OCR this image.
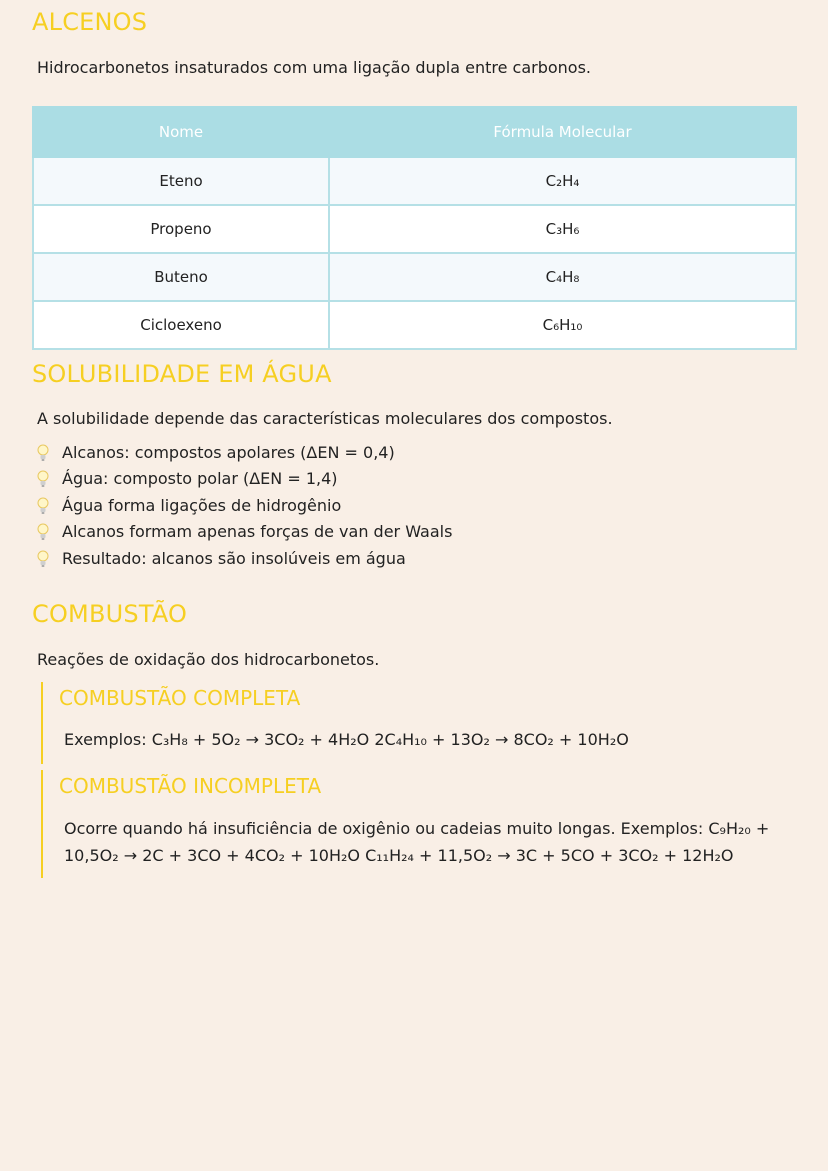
ALCENOS

Hidrocarbonetos insaturados com uma ligação dupla entre carbonos.

Nome	Fórmula Molecular
Eteno	C₂H₄
Propeno	C₃H₆
Buteno	C₄H₈
Cicloexeno	C₆H₁₀
SOLUBILIDADE EM ÁGUA

A solubilidade depende das características moleculares dos compostos.

Alcanos: compostos apolares (ΔEN = 0,4)
Água: composto polar (ΔEN = 1,4)
Água forma ligações de hidrogênio
Alcanos formam apenas forças de van der Waals
Resultado: alcanos são insolúveis em água
COMBUSTÃO

Reações de oxidação dos hidrocarbonetos.

COMBUSTÃO COMPLETA

Exemplos: C₃H₈ + 5O₂ → 3CO₂ + 4H₂O 2C₄H₁₀ + 13O₂ → 8CO₂ + 10H₂O

COMBUSTÃO INCOMPLETA

Ocorre quando há insuficiência de oxigênio ou cadeias muito longas. Exemplos: C₉H₂₀ +

10,5O₂ → 2C + 3CO + 4CO₂ + 10H₂O C₁₁H₂₄ + 11,5O₂ → 3C + 5CO + 3CO₂ + 12H₂O
